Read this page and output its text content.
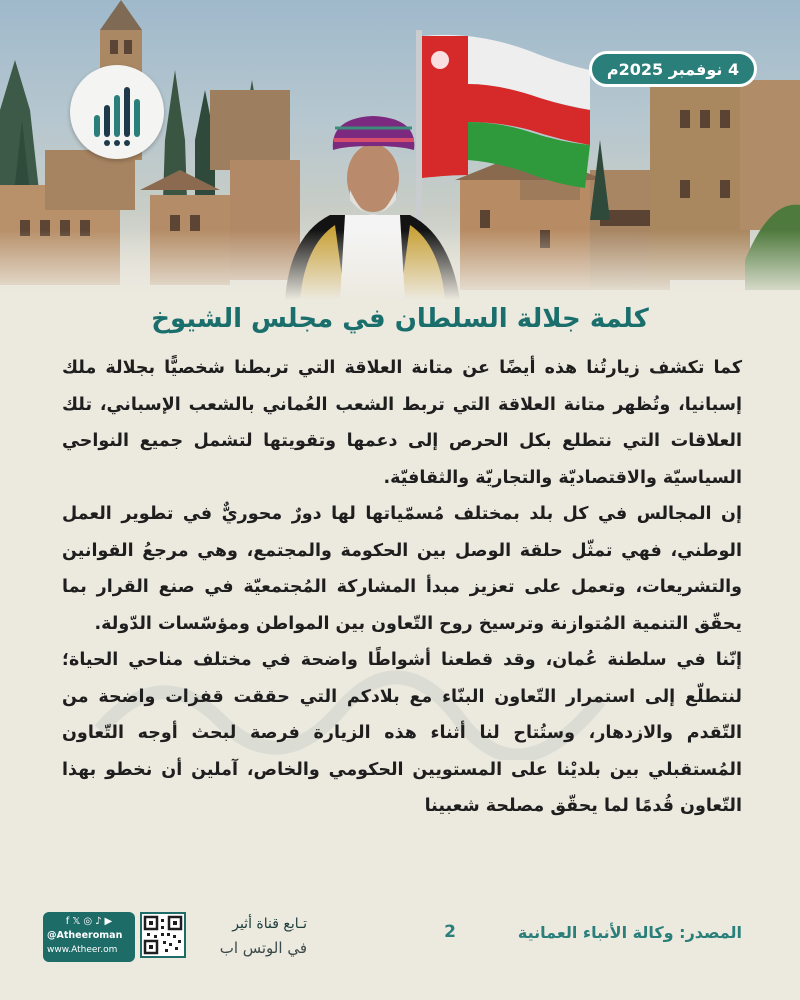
4 نوفمبر 2025م
كلمة جلالة السلطان في مجلس الشيوخ

كما تكشف زيارتُنا هذه أيضًا عن متانة العلاقة التي تربطنا شخصيًّا بجلالة ملك إسبانيا، وتُظهر متانة العلاقة التي تربط الشعب العُماني بالشعب الإسباني، تلك العلاقات التي نتطلع بكل الحرص إلى دعمها وتقويتها لتشمل جميع النواحي السياسيّة والاقتصاديّة والتجاريّة والثقافيّة.

إن المجالس في كل بلد بمختلف مُسمّياتها لها دورٌ محوريٌّ في تطوير العمل الوطني، فهي تمثّل حلقة الوصل بين الحكومة والمجتمع، وهي مرجعُ القوانين والتشريعات، وتعمل على تعزيز مبدأ المشاركة المُجتمعيّة في صنع القرار بما يحقّق التنمية المُتوازنة وترسيخ روح التّعاون بين المواطن ومؤسّسات الدّولة.

إنّنا في سلطنة عُمان، وقد قطعنا أشواطًا واضحة في مختلف مناحي الحياة؛ لنتطلّع إلى استمرار التّعاون البنّاء مع بلادكم التي حققت قفزات واضحة من التّقدم والازدهار، وستُتاح لنا أثناء هذه الزيارة فرصة لبحث أوجه التّعاون المُستقبلي بين بلديْنا على المستويين الحكومي والخاص، آملين أن نخطو بهذا التّعاون قُدمًا لما يحقّق مصلحة شعبينا

المصدر: وكالة الأنباء العمانية
2
تـابع قناة أثير
في الوتس اب
f 𝕏 ◎ ♪ ▶
@Atheeroman
www.Atheer.om
